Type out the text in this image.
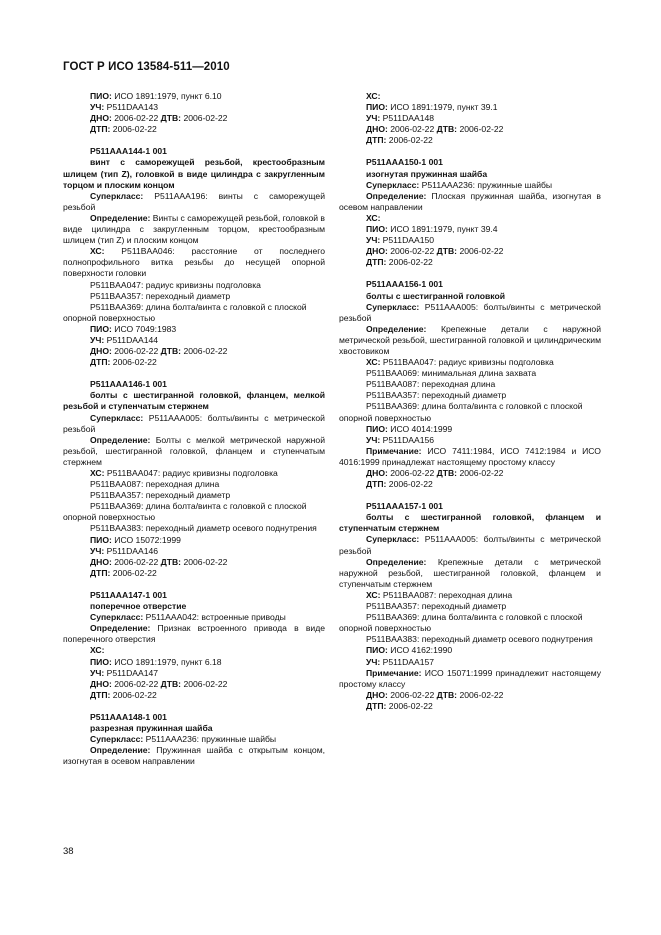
ГОСТ Р ИСО 13584-511—2010

ПИО: ИСО 1891:1979, пункт 6.10

УЧ: P511DAA143

ДНО: 2006-02-22 ДТВ: 2006-02-22

ДТП: 2006-02-22

P511AAA144-1 001

винт с саморежущей резьбой, крестообразным шлицем (тип Z), головкой в виде цилиндра с закругленным торцом и плоским концом

Суперкласс: P511AAA196: винты с саморежущей резьбой

Определение: Винты с саморежущей резьбой, головкой в виде цилиндра с закругленным торцом, крестообразным шлицем (тип Z) и плоским концом

ХС: P511BAA046: расстояние от последнего полнопрофильного витка резьбы до несущей опорной поверхности головки

P511BAA047: радиус кривизны подголовка

P511BAA357: переходный диаметр

P511BAA369: длина болта/винта с головкой с плоской опорной поверхностью

ПИО: ИСО 7049:1983

УЧ: P511DAA144

ДНО: 2006-02-22 ДТВ: 2006-02-22

ДТП: 2006-02-22

P511AAA146-1 001

болты с шестигранной головкой, фланцем, мелкой резьбой и ступенчатым стержнем

Суперкласс: P511AAA005: болты/винты с метрической резьбой

Определение: Болты с мелкой метрической наружной резьбой, шестигранной головкой, фланцем и ступенчатым стержнем

ХС: P511BAA047: радиус кривизны подголовка

P511BAA087: переходная длина

P511BAA357: переходный диаметр

P511BAA369: длина болта/винта с головкой с плоской опорной поверхностью

P511BAA383: переходный диаметр осевого поднутрения

ПИО: ИСО 15072:1999

УЧ: P511DAA146

ДНО: 2006-02-22 ДТВ: 2006-02-22

ДТП: 2006-02-22

P511AAA147-1 001

поперечное отверстие

Суперкласс: P511AAA042: встроенные приводы

Определение: Признак встроенного привода в виде поперечного отверстия

ХС:

ПИО: ИСО 1891:1979, пункт 6.18

УЧ: P511DAA147

ДНО: 2006-02-22 ДТВ: 2006-02-22

ДТП: 2006-02-22

P511AAA148-1 001

разрезная пружинная шайба

Суперкласс: P511AAA236: пружинные шайбы

Определение: Пружинная шайба с открытым концом, изогнутая в осевом направлении

ХС:

ПИО: ИСО 1891:1979, пункт 39.1

УЧ: P511DAA148

ДНО: 2006-02-22 ДТВ: 2006-02-22

ДТП: 2006-02-22

P511AAA150-1 001

изогнутая пружинная шайба

Суперкласс: P511AAA236: пружинные шайбы

Определение: Плоская пружинная шайба, изогнутая в осевом направлении

ХС:

ПИО: ИСО 1891:1979, пункт 39.4

УЧ: P511DAA150

ДНО: 2006-02-22 ДТВ: 2006-02-22

ДТП: 2006-02-22

P511AAA156-1 001

болты с шестигранной головкой

Суперкласс: P511AAA005: болты/винты с метрической резьбой

Определение: Крепежные детали с наружной метрической резьбой, шестигранной головкой и цилиндрическим хвостовиком

ХС: P511BAA047: радиус кривизны подголовка

P511BAA069: минимальная длина захвата

P511BAA087: переходная длина

P511BAA357: переходный диаметр

P511BAA369: длина болта/винта с головкой с плоской опорной поверхностью

ПИО: ИСО 4014:1999

УЧ: P511DAA156

Примечание: ИСО 7411:1984, ИСО 7412:1984 и ИСО 4016:1999 принадлежат настоящему простому классу

ДНО: 2006-02-22 ДТВ: 2006-02-22

ДТП: 2006-02-22

P511AAA157-1 001

болты с шестигранной головкой, фланцем и ступенчатым стержнем

Суперкласс: P511AAA005: болты/винты с метрической резьбой

Определение: Крепежные детали с метрической наружной резьбой, шестигранной головкой, фланцем и ступенчатым стержнем

ХС: P511BAA087: переходная длина

P511BAA357: переходный диаметр

P511BAA369: длина болта/винта с головкой с плоской опорной поверхностью

P511BAA383: переходный диаметр осевого поднутрения

ПИО: ИСО 4162:1990

УЧ: P511DAA157

Примечание: ИСО 15071:1999 принадлежит настоящему простому классу

ДНО: 2006-02-22 ДТВ: 2006-02-22

ДТП: 2006-02-22

38
